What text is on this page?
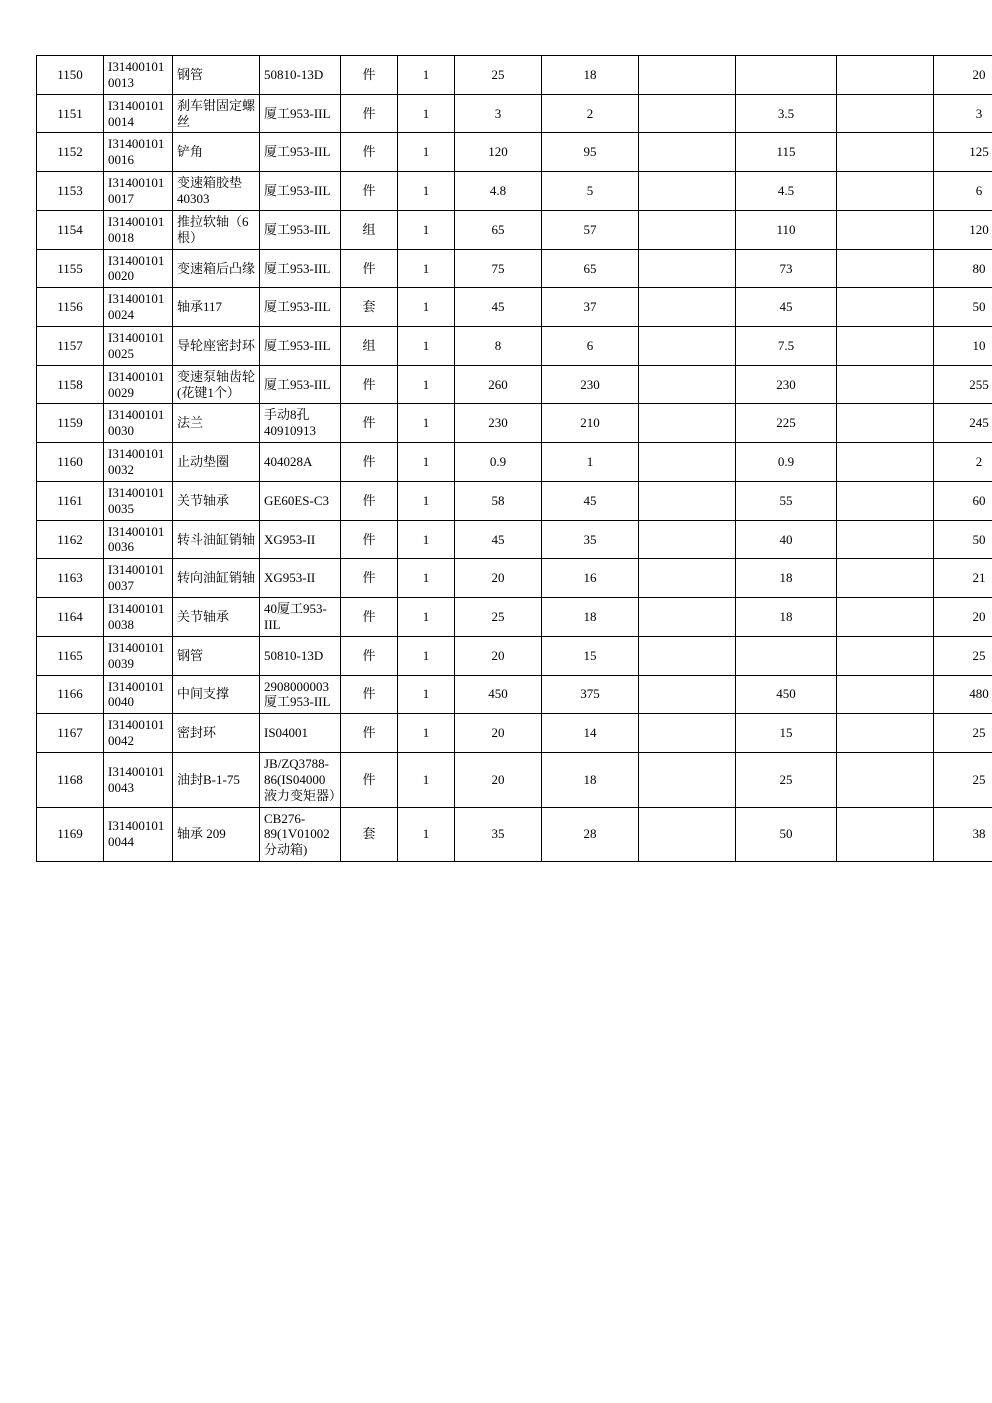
1150	I314001010013	钢管	50810-13D	件	1	25	18				20
1151	I314001010014	刹车钳固定螺丝	厦工953-IIL	件	1	3	2		3.5		3
1152	I314001010016	铲角	厦工953-IIL	件	1	120	95		115		125
1153	I314001010017	变速箱胶垫 40303	厦工953-IIL	件	1	4.8	5		4.5		6
1154	I314001010018	推拉软轴（6根）	厦工953-IIL	组	1	65	57		110		120
1155	I314001010020	变速箱后凸缘	厦工953-IIL	件	1	75	65		73		80
1156	I314001010024	轴承117	厦工953-IIL	套	1	45	37		45		50
1157	I314001010025	导轮座密封环	厦工953-IIL	组	1	8	6		7.5		10
1158	I314001010029	变速泵轴齿轮(花键1个）	厦工953-IIL	件	1	260	230		230		255
1159	I314001010030	法兰	手动8孔40910913	件	1	230	210		225		245
1160	I314001010032	止动垫圈	404028A	件	1	0.9	1		0.9		2
1161	I314001010035	关节轴承	GE60ES-C3	件	1	58	45		55		60
1162	I314001010036	转斗油缸销轴	XG953-II	件	1	45	35		40		50
1163	I314001010037	转向油缸销轴	XG953-II	件	1	20	16		18		21
1164	I314001010038	关节轴承	40厦工953-IIL	件	1	25	18		18		20
1165	I314001010039	钢管	50810-13D	件	1	20	15				25
1166	I314001010040	中间支撑	2908000003厦工953-IIL	件	1	450	375		450		480
1167	I314001010042	密封环	IS04001	件	1	20	14		15		25
1168	I314001010043	油封B-1-75	JB/ZQ3788-86(IS04000液力变矩器）	件	1	20	18		25		25
1169	I314001010044	轴承 209	CB276-89(1V01002分动箱)	套	1	35	28		50		38
